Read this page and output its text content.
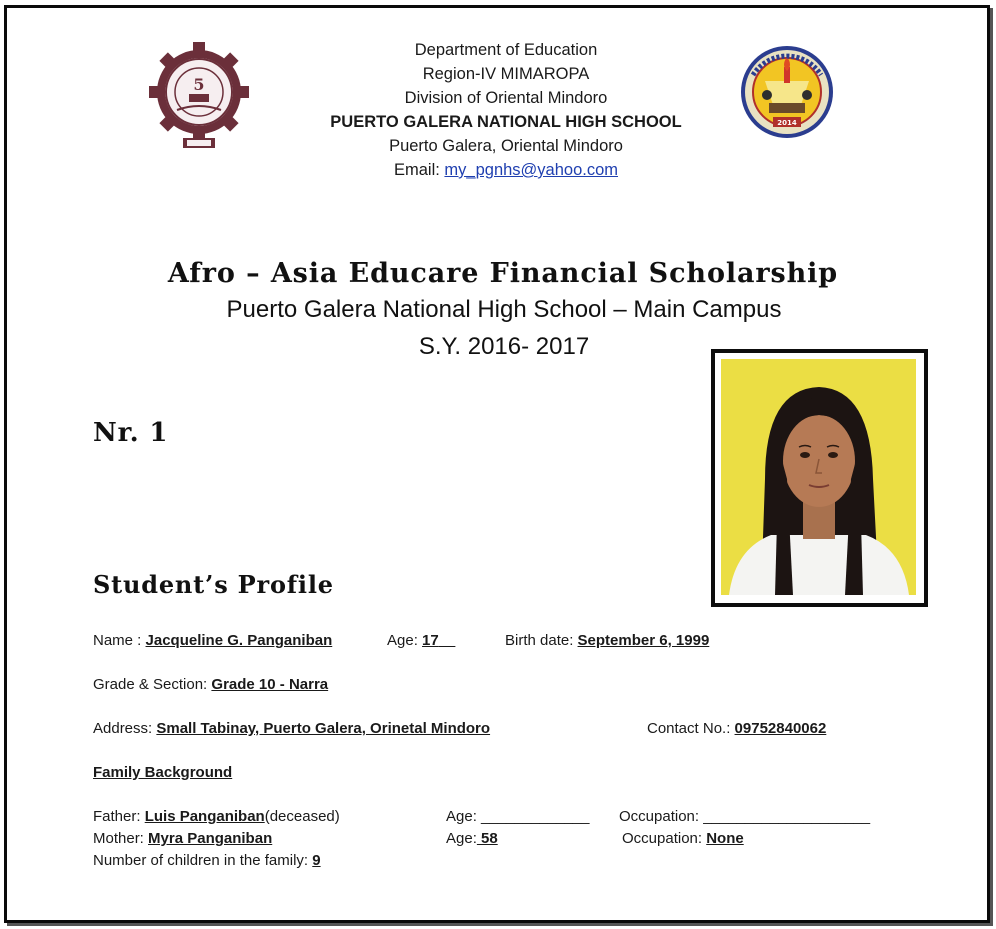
5
2014
Department of Education
Region-IV MIMAROPA
Division of Oriental Mindoro
PUERTO GALERA NATIONAL HIGH SCHOOL
Puerto Galera, Oriental Mindoro
Email: my_pgnhs@yahoo.com
Afro – Asia Educare Financial Scholarship
Puerto Galera National High School – Main Campus
S.Y. 2016- 2017
Nr. 1
Student’s Profile
Name : Jacqueline G. Panganiban	Age: 17	Birth date: September 6, 1999
Grade & Section: Grade 10 - Narra
Address: Small Tabinay, Puerto Galera, Orinetal Mindoro	Contact No.: 09752840062
Family Background
Father: Luis Panganiban(deceased)	Age: _____________ Occupation: ____________________
Mother: Myra Panganiban	Age: 58	Occupation: None
Number of children in the family: 9
